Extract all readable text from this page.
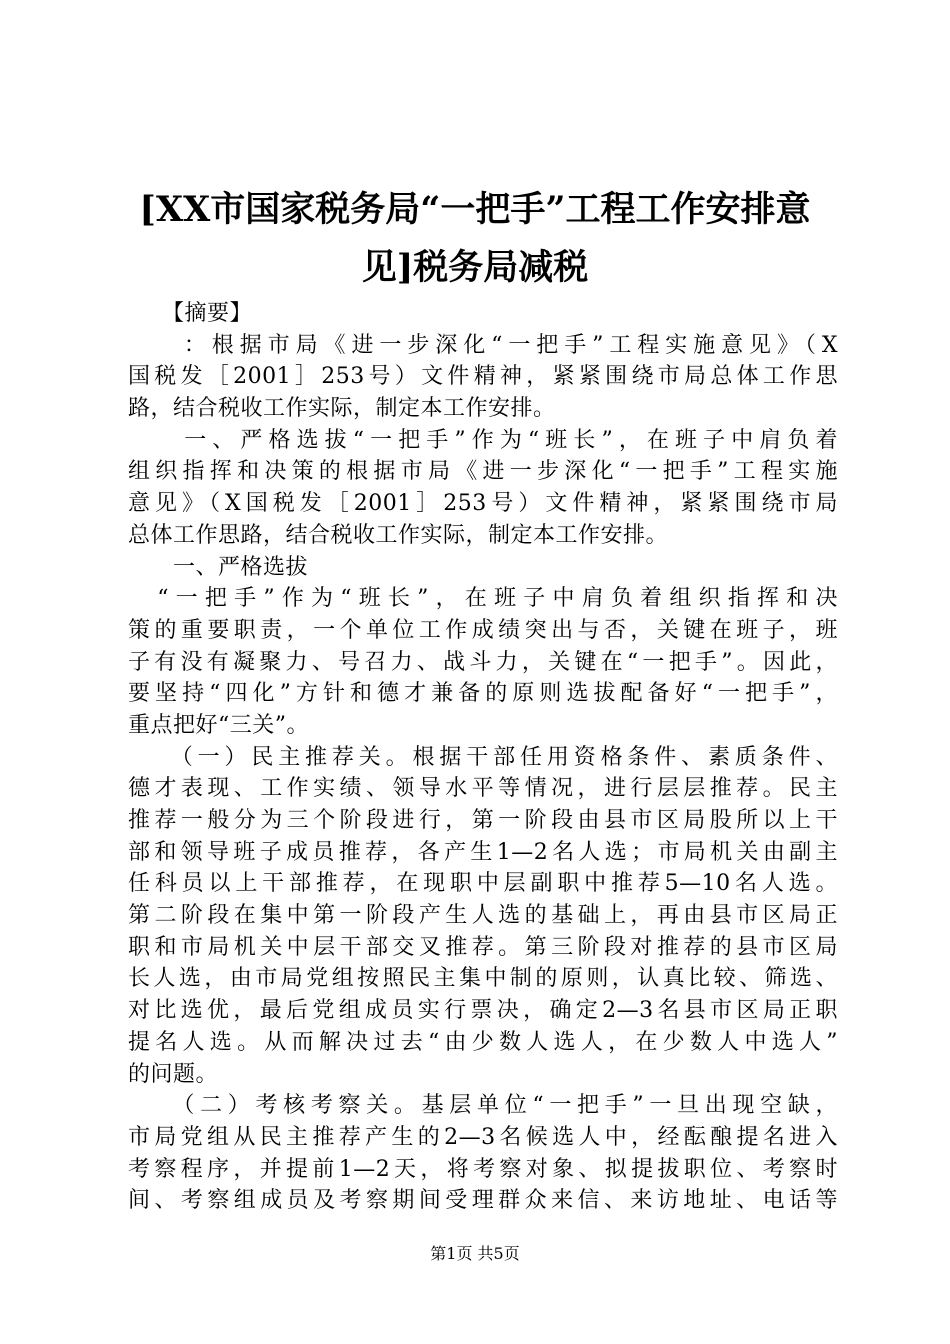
[XX市国家税务局“一把手”工程工作安排意
见]税务局减税
　　【摘要】
　　：根据市局《进一步深化“一把手”工程实施意见》（X
国税发［2001］253号）文件精神，紧紧围绕市局总体工作思
路，结合税收工作实际，制定本工作安排。
　　一、严格选拔“一把手”作为“班长”，在班子中肩负着
组织指挥和决策的根据市局《进一步深化“一把手”工程实施
意见》（X国税发［2001］253号）文件精神，紧紧围绕市局
总体工作思路，结合税收工作实际，制定本工作安排。
　　一、严格选拔
　“一把手”作为“班长”，在班子中肩负着组织指挥和决
策的重要职责，一个单位工作成绩突出与否，关键在班子，班
子有没有凝聚力、号召力、战斗力，关键在“一把手”。因此，
要坚持“四化”方针和德才兼备的原则选拔配备好“一把手”，
重点把好“三关”。
　　（一）民主推荐关。根据干部任用资格条件、素质条件、
德才表现、工作实绩、领导水平等情况，进行层层推荐。民主
推荐一般分为三个阶段进行，第一阶段由县市区局股所以上干
部和领导班子成员推荐，各产生1—2名人选；市局机关由副主
任科员以上干部推荐，在现职中层副职中推荐5—10名人选。
第二阶段在集中第一阶段产生人选的基础上，再由县市区局正
职和市局机关中层干部交叉推荐。第三阶段对推荐的县市区局
长人选，由市局党组按照民主集中制的原则，认真比较、筛选、
对比选优，最后党组成员实行票决，确定2—3名县市区局正职
提名人选。从而解决过去“由少数人选人，在少数人中选人”
的问题。
　　（二）考核考察关。基层单位“一把手”一旦出现空缺，
市局党组从民主推荐产生的2—3名候选人中，经酝酿提名进入
考察程序，并提前1—2天，将考察对象、拟提拔职位、考察时
间、考察组成员及考察期间受理群众来信、来访地址、电话等
第1页 共5页
